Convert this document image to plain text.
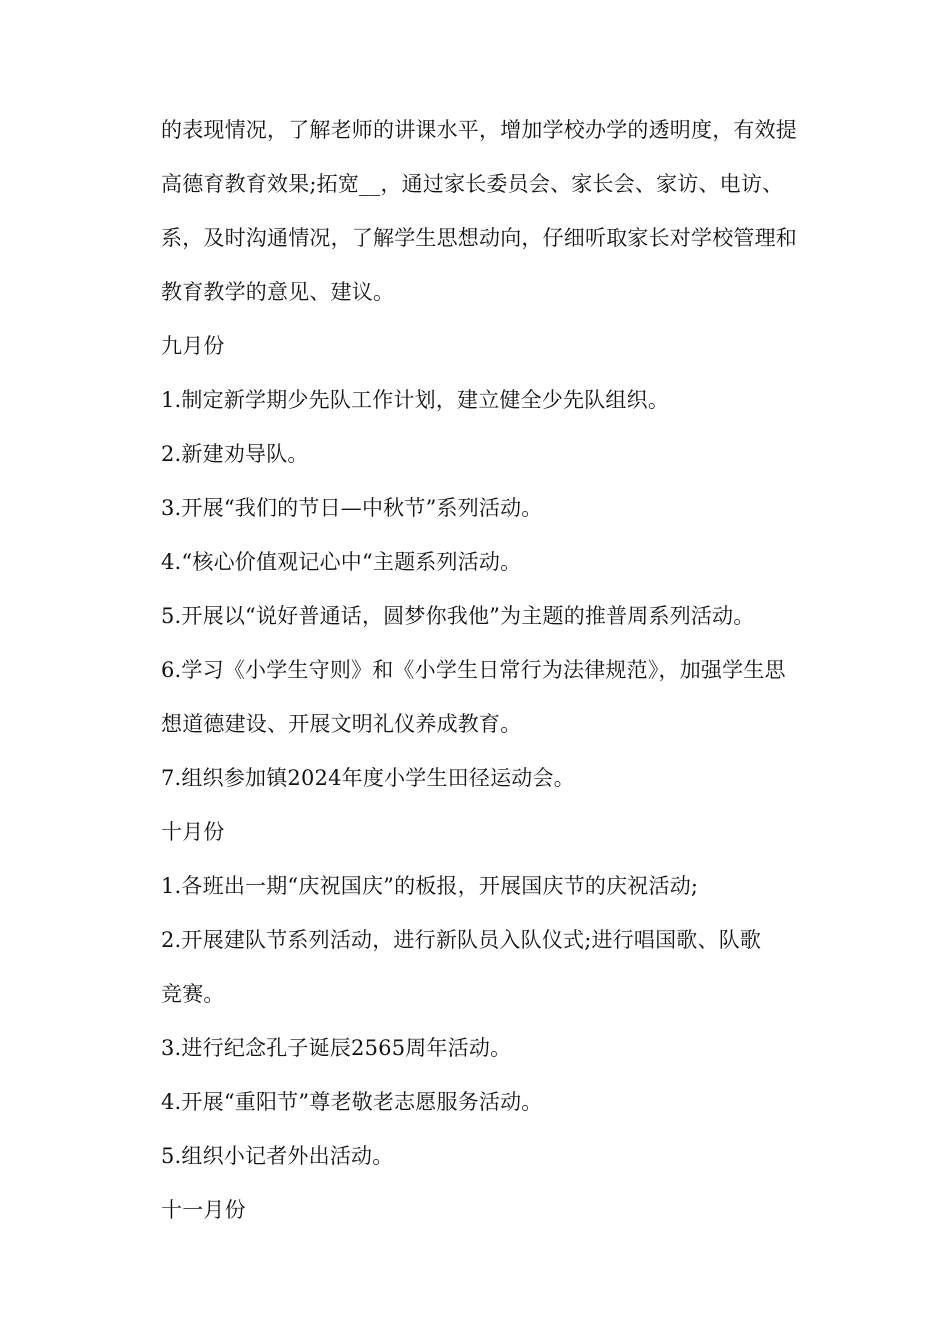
的表现情况，了解老师的讲课水平，增加学校办学的透明度，有效提
高德育教育效果;拓宽__，通过家长委员会、家长会、家访、电访、
系，及时沟通情况，了解学生思想动向，仔细听取家长对学校管理和
教育教学的意见、建议。
九月份
1.制定新学期少先队工作计划，建立健全少先队组织。
2.新建劝导队。
3.开展“我们的节日—中秋节”系列活动。
4.“核心价值观记心中“主题系列活动。
5.开展以“说好普通话，圆梦你我他”为主题的推普周系列活动。
6.学习《小学生守则》和《小学生日常行为法律规范》，加强学生思
想道德建设、开展文明礼仪养成教育。
7.组织参加镇2024年度小学生田径运动会。
十月份
1.各班出一期“庆祝国庆”的板报，开展国庆节的庆祝活动;
2.开展建队节系列活动，进行新队员入队仪式;进行唱国歌、队歌
竞赛。
3.进行纪念孔子诞辰2565周年活动。
4.开展“重阳节”尊老敬老志愿服务活动。
5.组织小记者外出活动。
十一月份
